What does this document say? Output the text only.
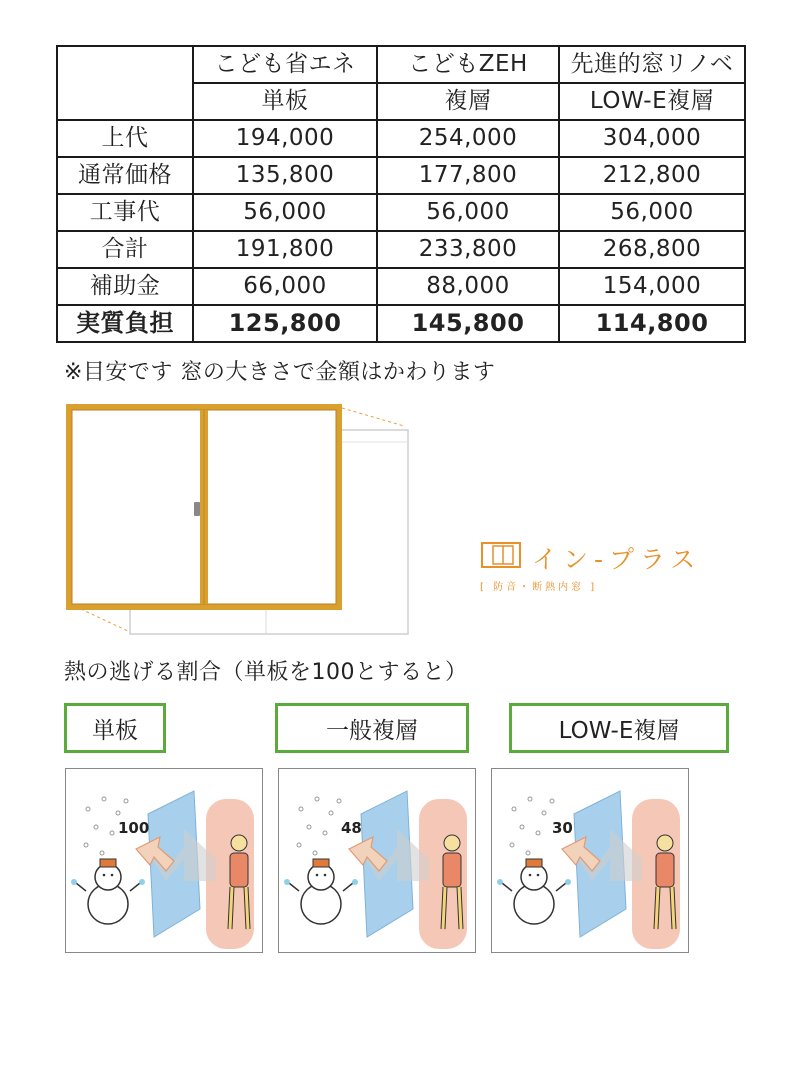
	こども省エネ	こどもZEH	先進的窓リノベ
	単板	複層	LOW-E複層
上代	194,000	254,000	304,000
通常価格	135,800	177,800	212,800
工事代	56,000	56,000	56,000
合計	191,800	233,800	268,800
補助金	66,000	88,000	154,000
実質負担	125,800	145,800	114,800
※目安です 窓の大きさで金額はかわります
イン-プラス
[ 防音・断熱内窓 ]
熱の逃げる割合（単板を100とすると）
単板	一般複層	LOW-E複層
100	48	30
